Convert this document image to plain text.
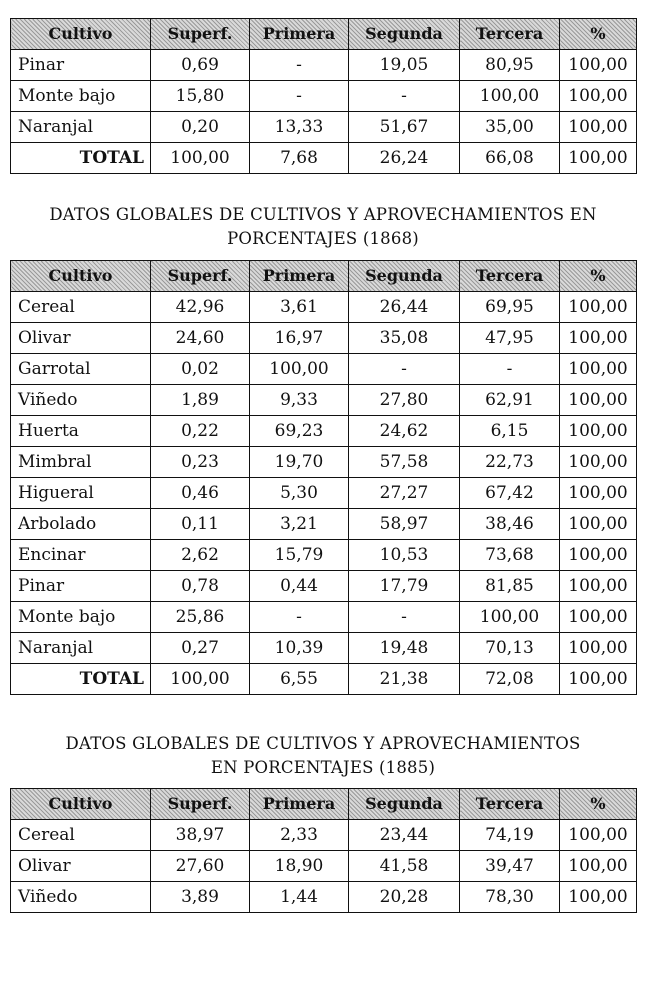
Cultivo	Superf.	Primera	Segunda	Tercera	%
Pinar	0,69	-	19,05	80,95	100,00
Monte bajo	15,80	-	-	100,00	100,00
Naranjal	0,20	13,33	51,67	35,00	100,00
TOTAL	100,00	7,68	26,24	66,08	100,00
DATOS GLOBALES DE CULTIVOS Y APROVECHAMIENTOS EN
PORCENTAJES (1868)
Cultivo	Superf.	Primera	Segunda	Tercera	%
Cereal	42,96	3,61	26,44	69,95	100,00
Olivar	24,60	16,97	35,08	47,95	100,00
Garrotal	0,02	100,00	-	-	100,00
Viñedo	1,89	9,33	27,80	62,91	100,00
Huerta	0,22	69,23	24,62	6,15	100,00
Mimbral	0,23	19,70	57,58	22,73	100,00
Higueral	0,46	5,30	27,27	67,42	100,00
Arbolado	0,11	3,21	58,97	38,46	100,00
Encinar	2,62	15,79	10,53	73,68	100,00
Pinar	0,78	0,44	17,79	81,85	100,00
Monte bajo	25,86	-	-	100,00	100,00
Naranjal	0,27	10,39	19,48	70,13	100,00
TOTAL	100,00	6,55	21,38	72,08	100,00
DATOS GLOBALES DE CULTIVOS Y APROVECHAMIENTOS
EN PORCENTAJES (1885)
Cultivo	Superf.	Primera	Segunda	Tercera	%
Cereal	38,97	2,33	23,44	74,19	100,00
Olivar	27,60	18,90	41,58	39,47	100,00
Viñedo	3,89	1,44	20,28	78,30	100,00
